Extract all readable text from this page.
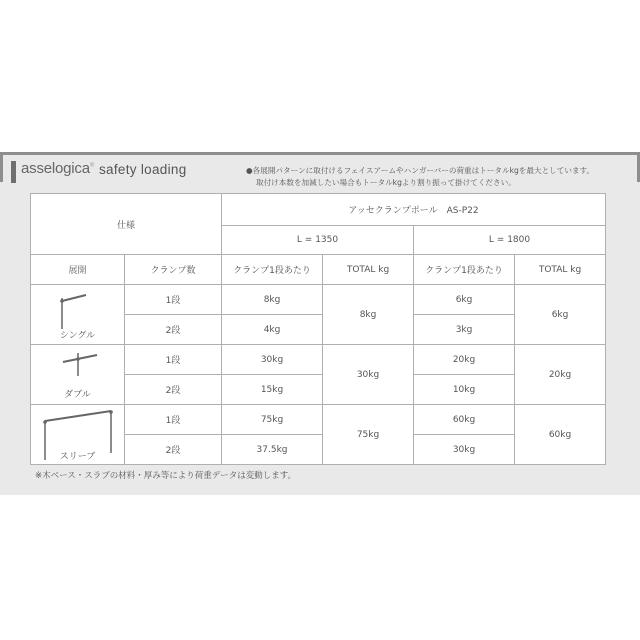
asselogica® safety loading	●各展開パターンに取付けるフェイスアームやハンガーバーの荷重はトータルkgを最大としています。
取付け本数を加減したい場合もトータルkgより割り振って掛けてください。
仕様		アッセクランプポール　AS-P22			
		L = 1350		L = 1800	
展開	クランプ数	クランプ1段あたり	TOTAL kg	クランプ1段あたり	TOTAL kg

シングル	1段	8kg	8kg	6kg	6kg
	2段	4kg		3kg	

ダブル	1段	30kg	30kg	20kg	20kg
	2段	15kg		10kg	

スリーブ	1段	75kg	75kg	60kg	60kg
	2段	37.5kg		30kg	
※木ベース・スラブの材料・厚み等により荷重データは変動します。
